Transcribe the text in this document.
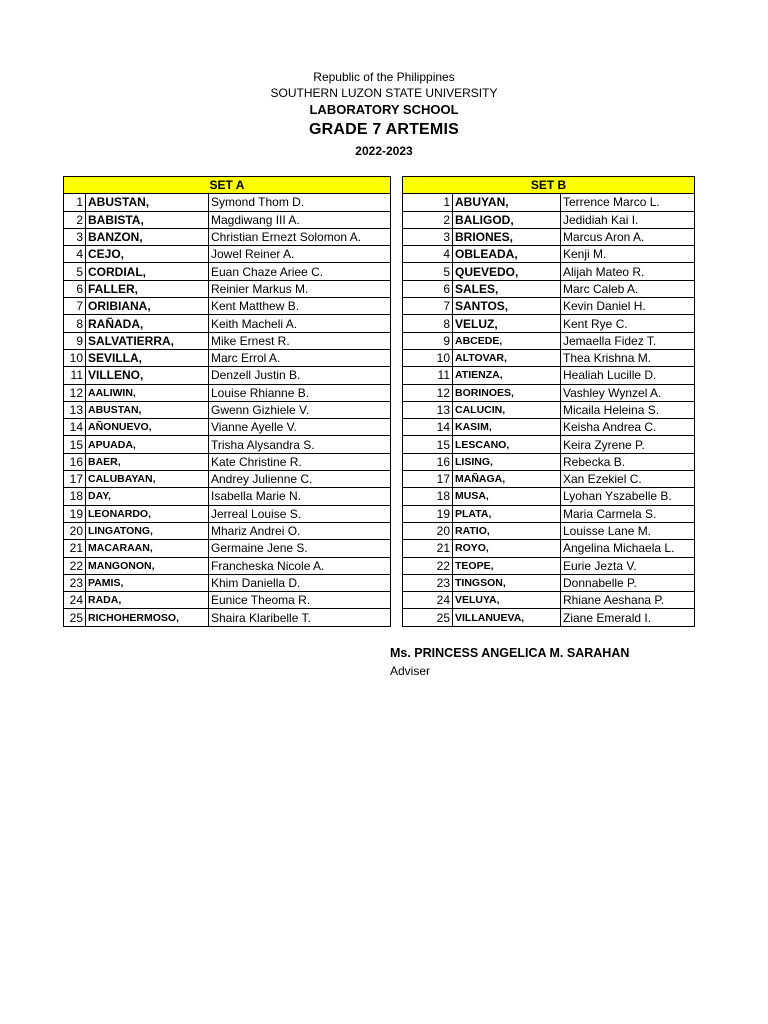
Republic of the Philippines
SOUTHERN LUZON STATE UNIVERSITY
LABORATORY SCHOOL
GRADE 7 ARTEMIS
2022-2023
SET A		
1	ABUSTAN,	Symond Thom D.
2	BABISTA,	Magdiwang III A.
3	BANZON,	Christian Ernezt Solomon A.
4	CEJO,	Jowel Reiner A.
5	CORDIAL,	Euan Chaze Ariee C.
6	FALLER,	Reinier Markus M.
7	ORIBIANA,	Kent Matthew B.
8	RAÑADA,	Keith Macheli A.
9	SALVATIERRA,	Mike Ernest R.
10	SEVILLA,	Marc Errol A.
11	VILLENO,	Denzell Justin B.
12	AALIWIN,	Louise Rhianne B.
13	ABUSTAN,	Gwenn Gizhiele V.
14	AÑONUEVO,	Vianne Ayelle V.
15	APUADA,	Trisha Alysandra S.
16	BAER,	Kate Christine R.
17	CALUBAYAN,	Andrey Julienne C.
18	DAY,	Isabella Marie N.
19	LEONARDO,	Jerreal Louise S.
20	LINGATONG,	Mhariz Andrei O.
21	MACARAAN,	Germaine Jene S.
22	MANGONON,	Francheska Nicole A.
23	PAMIS,	Khim Daniella D.
24	RADA,	Eunice Theoma R.
25	RICHOHERMOSO,	Shaira Klaribelle T.
SET B		
1	ABUYAN,	Terrence Marco L.
2	BALIGOD,	Jedidiah Kai I.
3	BRIONES,	Marcus Aron A.
4	OBLEADA,	Kenji M.
5	QUEVEDO,	Alijah Mateo R.
6	SALES,	Marc Caleb A.
7	SANTOS,	Kevin Daniel H.
8	VELUZ,	Kent Rye C.
9	ABCEDE,	Jemaella Fidez T.
10	ALTOVAR,	Thea Krishna M.
11	ATIENZA,	Healiah Lucille D.
12	BORINOES,	Vashley Wynzel A.
13	CALUCIN,	Micaila Heleina S.
14	KASIM,	Keisha Andrea C.
15	LESCANO,	Keira Zyrene P.
16	LISING,	Rebecka B.
17	MAÑAGA,	Xan Ezekiel C.
18	MUSA,	Lyohan Yszabelle B.
19	PLATA,	Maria Carmela S.
20	RATIO,	Louisse Lane M.
21	ROYO,	Angelina Michaela L.
22	TEOPE,	Eurie Jezta V.
23	TINGSON,	Donnabelle P.
24	VELUYA,	Rhiane Aeshana P.
25	VILLANUEVA,	Ziane Emerald I.
Ms. PRINCESS ANGELICA M. SARAHAN
Adviser
